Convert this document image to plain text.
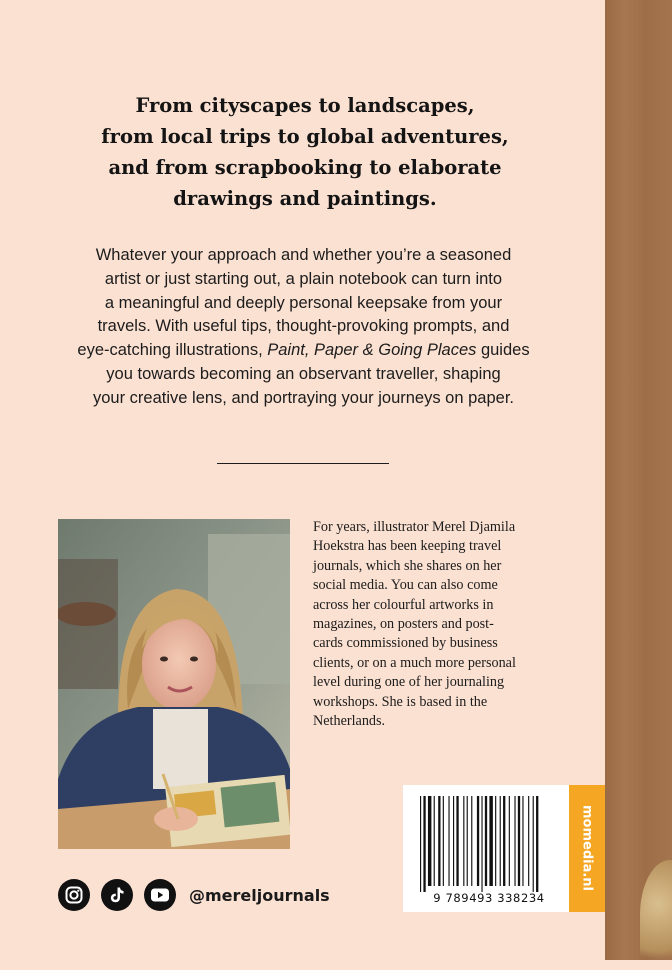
From cityscapes to landscapes,
from local trips to global adventures,
and from scrapbooking to elaborate
drawings and paintings.
Whatever your approach and whether you’re a seasoned
artist or just starting out, a plain notebook can turn into
a meaningful and deeply personal keepsake from your
travels. With useful tips, thought-provoking prompts, and
eye-catching illustrations, Paint, Paper & Going Places guides
you towards becoming an observant traveller, shaping
your creative lens, and portraying your journeys on paper.
For years, illustrator Merel Djamila
Hoekstra has been keeping travel
journals, which she shares on her
social media. You can also come
across her colourful artworks in
magazines, on posters and post-
cards commissioned by business
clients, or on a much more personal
level during one of her journaling
workshops. She is based in the
Netherlands.
@mereljournals	9 789493 338234
momedia.nl
